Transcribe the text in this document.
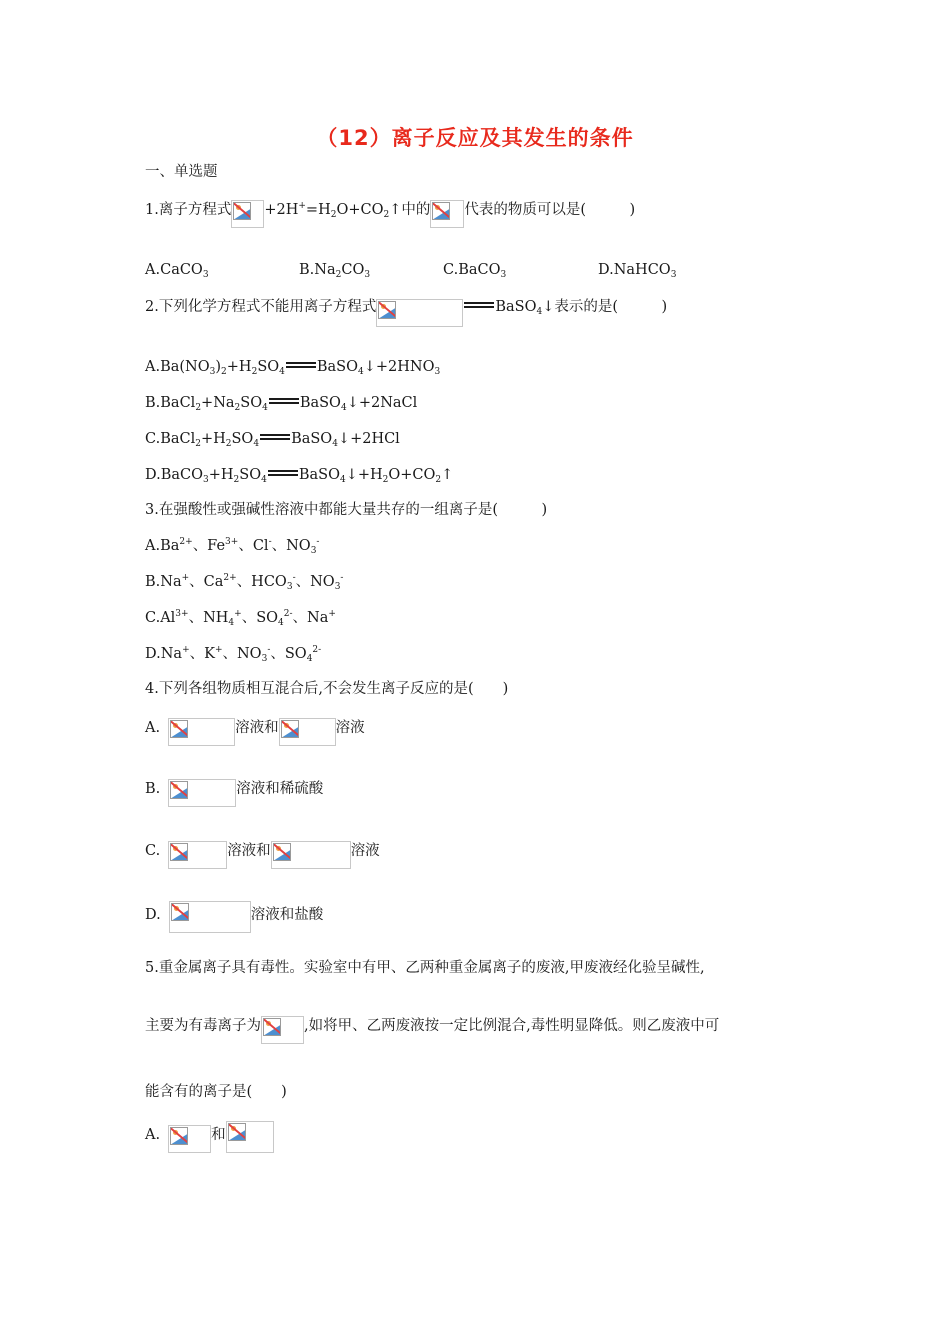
（12）离子反应及其发生的条件
一、单选题
1.离子方程式 $+2H^+=H_2O+CO_2↑$中的 代表的物质可以是(　　　)
A.CaCO$_3$	$B.Na_2CO_3$	C.BaCO$_3$	D.NaHCO$_3$
2.下列化学方程式不能用离子方程式	BaSO$_4$↓表示的是(　　　)
$A.Ba(NO_3)_2+H_2SO_4$ $BaSO_4↓+2HNO_3$
$B.BaCl_2+Na_2SO_4$ BaSO$_4$↓+2NaCl
$C.BaCl_2+H_2SO_4$ BaSO$_4$↓+2HCl
$D.BaCO_3+H_2SO_4$ $BaSO_4↓+H_2O+CO_2↑$
3.在强酸性或强碱性溶液中都能大量共存的一组离子是(　　　)
$A.Ba^{2+}$、$Fe^{3+}$、Cl-、$NO_3^-$
B.Na+、$Ca^{2+}$、$HCO_3^-$、$NO_3^-$
$C.Al^{3+}$、$NH_4^+$、$SO_4^{2-}$、Na+
D.Na+、K+、$NO_3^-$、$SO_4^{2-}$
4.下列各组物质相互混合后,不会发生离子反应的是(　　)
A.	溶液和	溶液
B.	溶液和稀硫酸
C.	溶液和	溶液
D.	溶液和盐酸
5.重金属离子具有毒性。实验室中有甲、乙两种重金属离子的废液,甲废液经化验呈碱性,
主要为有毒离子为	,如将甲、乙两废液按一定比例混合,毒性明显降低。则乙废液中可
能含有的离子是(　　)
A.	和
